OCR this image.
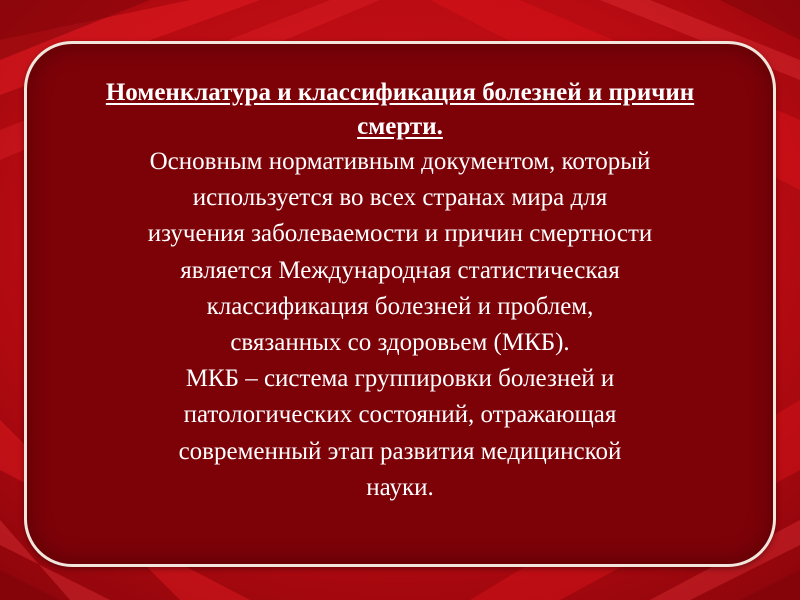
Номенклатура и классификация болезней и причин смерти.

Основным нормативным документом, который

используется во всех странах мира для

изучения заболеваемости и причин смертности

является Международная статистическая

классификация болезней и проблем,

связанных со здоровьем (МКБ).

МКБ – система группировки болезней и

патологических состояний, отражающая

современный этап развития медицинской

науки.
